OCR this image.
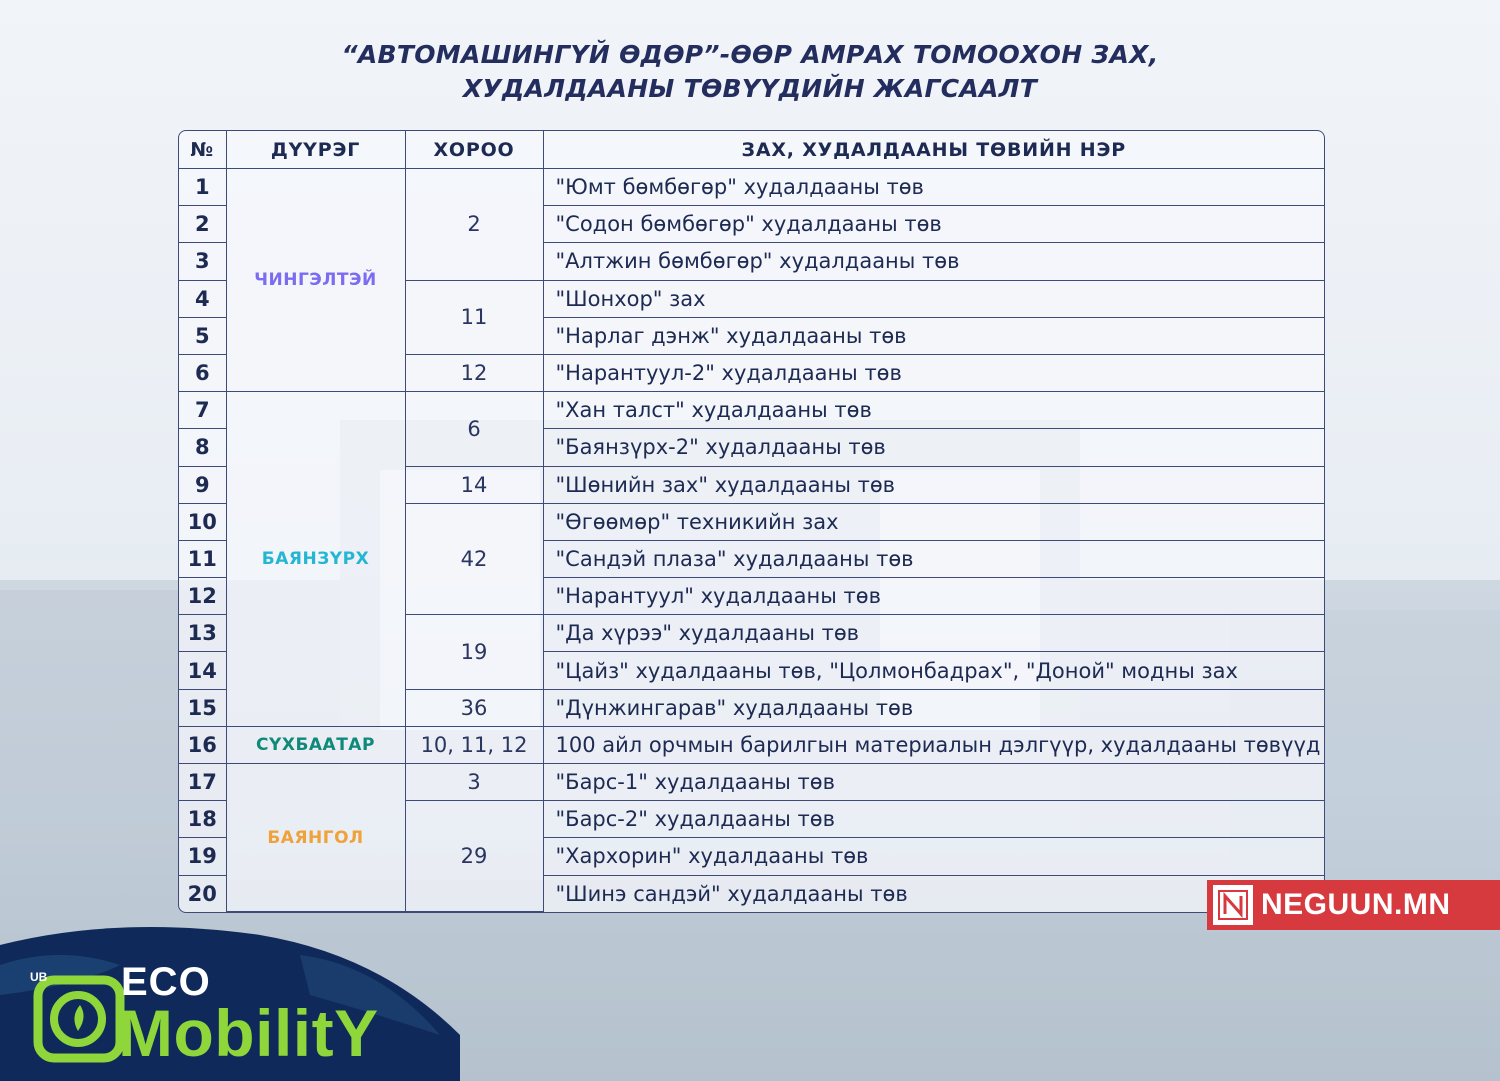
“АВТОМАШИНГҮЙ ӨДӨР”-ӨӨР АМРАХ ТОМООХОН ЗАХ,
ХУДАЛДААНЫ ТӨВҮҮДИЙН ЖАГСААЛТ
№	ДҮҮРЭГ	ХОРОО	ЗАХ, ХУДАЛДААНЫ ТӨВИЙН НЭР
1	ЧИНГЭЛТЭЙ	2	"Юмт бөмбөгөр" худалдааны төв
2			"Содон бөмбөгөр" худалдааны төв
3			"Алтжин бөмбөгөр" худалдааны төв
4		11	"Шонхор" зах
5			"Нарлаг дэнж" худалдааны төв
6		12	"Нарантуул-2" худалдааны төв
7	БАЯНЗҮРХ	6	"Хан талст" худалдааны төв
8			"Баянзүрх-2" худалдааны төв
9		14	"Шөнийн зах" худалдааны төв
10		42	"Өгөөмөр" техникийн зах
11			"Сандэй плаза" худалдааны төв
12			"Нарантуул" худалдааны төв
13		19	"Да хүрээ" худалдааны төв
14			"Цайз" худалдааны төв, "Цолмонбадрах", "Доной" модны зах
15		36	"Дүнжингарав" худалдааны төв
16	СҮХБААТАР	10, 11, 12	100 айл орчмын барилгын материалын дэлгүүр, худалдааны төвүүд
17	БАЯНГОЛ	3	"Барс-1" худалдааны төв
18		29	"Барс-2" худалдааны төв
19			"Хархорин" худалдааны төв
20			"Шинэ сандэй" худалдааны төв	NEGUUN.MN
UB ECO
MobilitY
